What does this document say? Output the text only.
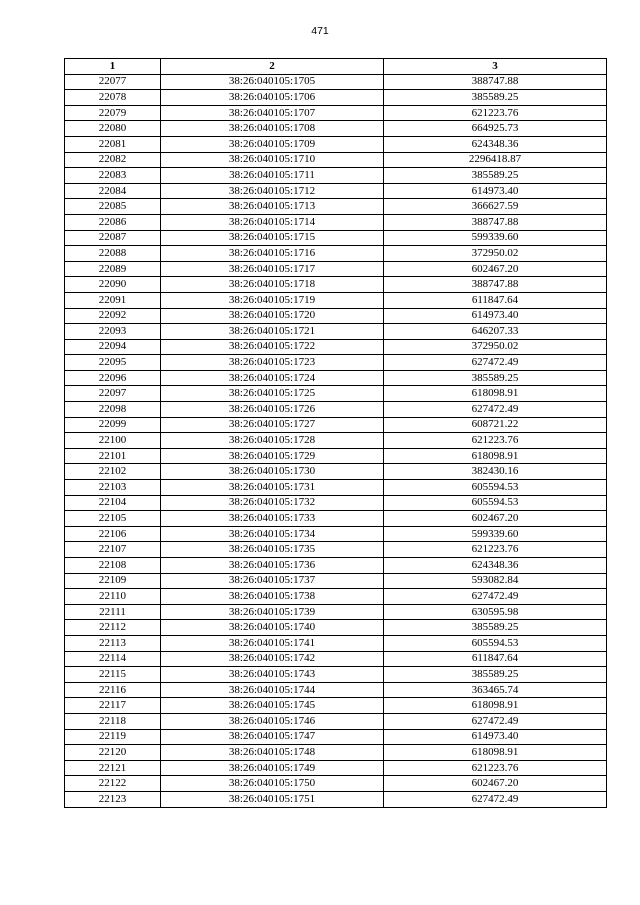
471
1	2	3
22077	38:26:040105:1705	388747.88
22078	38:26:040105:1706	385589.25
22079	38:26:040105:1707	621223.76
22080	38:26:040105:1708	664925.73
22081	38:26:040105:1709	624348.36
22082	38:26:040105:1710	2296418.87
22083	38:26:040105:1711	385589.25
22084	38:26:040105:1712	614973.40
22085	38:26:040105:1713	366627.59
22086	38:26:040105:1714	388747.88
22087	38:26:040105:1715	599339.60
22088	38:26:040105:1716	372950.02
22089	38:26:040105:1717	602467.20
22090	38:26:040105:1718	388747.88
22091	38:26:040105:1719	611847.64
22092	38:26:040105:1720	614973.40
22093	38:26:040105:1721	646207.33
22094	38:26:040105:1722	372950.02
22095	38:26:040105:1723	627472.49
22096	38:26:040105:1724	385589.25
22097	38:26:040105:1725	618098.91
22098	38:26:040105:1726	627472.49
22099	38:26:040105:1727	608721.22
22100	38:26:040105:1728	621223.76
22101	38:26:040105:1729	618098.91
22102	38:26:040105:1730	382430.16
22103	38:26:040105:1731	605594.53
22104	38:26:040105:1732	605594.53
22105	38:26:040105:1733	602467.20
22106	38:26:040105:1734	599339.60
22107	38:26:040105:1735	621223.76
22108	38:26:040105:1736	624348.36
22109	38:26:040105:1737	593082.84
22110	38:26:040105:1738	627472.49
22111	38:26:040105:1739	630595.98
22112	38:26:040105:1740	385589.25
22113	38:26:040105:1741	605594.53
22114	38:26:040105:1742	611847.64
22115	38:26:040105:1743	385589.25
22116	38:26:040105:1744	363465.74
22117	38:26:040105:1745	618098.91
22118	38:26:040105:1746	627472.49
22119	38:26:040105:1747	614973.40
22120	38:26:040105:1748	618098.91
22121	38:26:040105:1749	621223.76
22122	38:26:040105:1750	602467.20
22123	38:26:040105:1751	627472.49
